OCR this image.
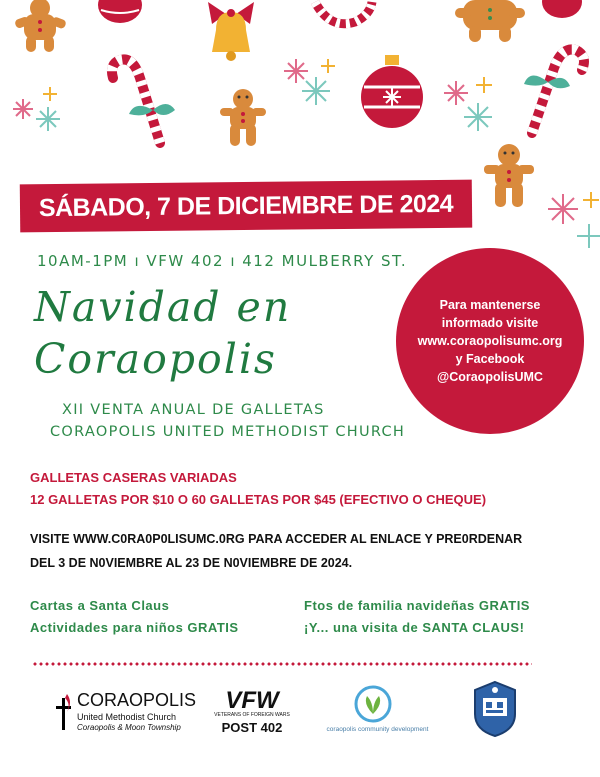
SÁBADO, 7 DE DICIEMBRE DE 2024
10AM-1PM ı VFW 402 ı 412 MULBERRY ST.
Navidad en
Coraopolis
XII VENTA ANUAL DE GALLETAS
CORAOPOLIS UNITED METHODIST CHURCH
Para mantenerse
informado visite
www.coraopolisumc.org
y Facebook
@CoraopolisUMC
GALLETAS CASERAS VARIADAS
12 GALLETAS POR $10 O 60 GALLETAS POR $45 (EFECTIVO O CHEQUE)
VISITE WWW.C0RA0P0LISUMC.0RG PARA ACCEDER AL ENLACE Y PRE0RDENAR
DEL 3 DE N0VIEMBRE AL 23 DE N0VIEMBRE DE 2024.
Cartas a Santa Claus
Actividades para niños GRATIS
Ftos de familia navideñas GRATIS
¡Y... una visita de SANTA CLAUS!
CORAOPOLIS
United Methodist Church
Coraopolis & Moon Township
VFW
VETERANS OF FOREIGN WARS
POST 402	coraopolis community development
